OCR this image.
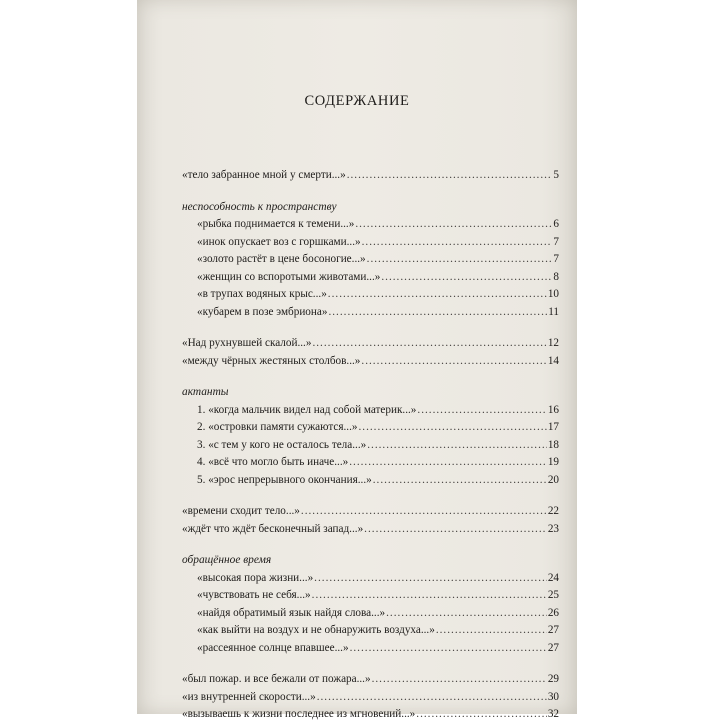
СОДЕРЖАНИЕ
«тело забранное мной у смерти...» .....	5
неспособность к пространству
«рыбка поднимается к темени...» .....	6
«инок опускает воз с горшками...» .....	7
«золото растёт в цене босоногие...» .....	7
«женщин со вспоротыми животами...» .....	8
«в трупах водяных крыс...» .....	10
«кубарем в позе эмбриона» .....	11
«Над рухнувшей скалой...» .....	12
«между чёрных жестяных столбов...» .....	14
актанты
1. «когда мальчик видел над собой материк...» .....	16
2. «островки памяти сужаются...» .....	17
3. «с тем у кого не осталось тела...» .....	18
4. «всё что могло быть иначе...» .....	19
5. «эрос непрерывного окончания...» .....	20
«времени сходит тело...» .....	22
«ждёт что ждёт бесконечный запад...» .....	23
обращённое время
«высокая пора жизни...» .....	24
«чувствовать не себя...» .....	25
«найдя обратимый язык найдя слова...» .....	26
«как выйти на воздух и не обнаружить воздуха...» .....	27
«рассеянное солнце впавшее...» .....	27
«был пожар. и все бежали от пожара...» .....	29
«из внутренней скорости...» .....	30
«вызываешь к жизни последнее из мгновений...» .....	32
